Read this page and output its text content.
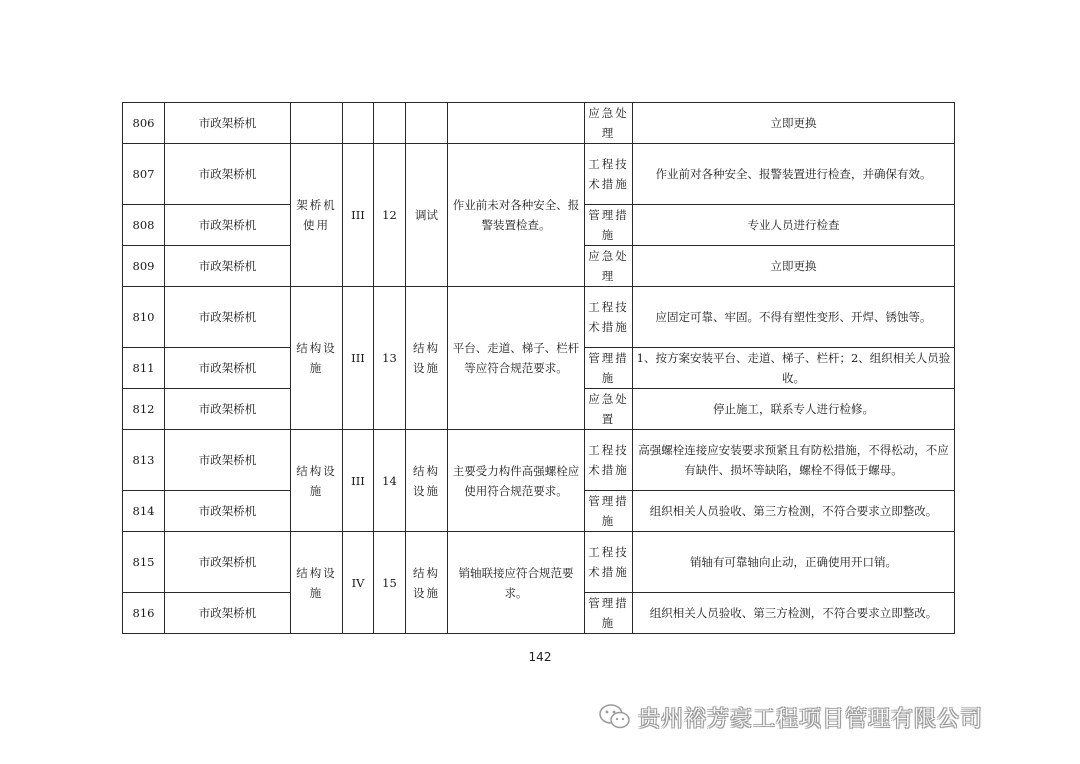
806	市政架桥机						应急处理	立即更换
807	市政架桥机	架桥机使用	III	12	调试	作业前未对各种安全、报警装置检查。	工程技术措施	作业前对各种安全、报警装置进行检查，并确保有效。
808	市政架桥机						管理措施	专业人员进行检查
809	市政架桥机						应急处理	立即更换
810	市政架桥机	结构设施	III	13	结构设施	平台、走道、梯子、栏杆等应符合规范要求。	工程技术措施	应固定可靠、牢固。不得有塑性变形、开焊、锈蚀等。
811	市政架桥机						管理措施	1、按方案安装平台、走道、梯子、栏杆；2、组织相关人员验收。
812	市政架桥机						应急处置	停止施工，联系专人进行检修。
813	市政架桥机	结构设施	III	14	结构设施	主要受力构件高强螺栓应使用符合规范要求。	工程技术措施	高强螺栓连接应安装要求预紧且有防松措施，不得松动，不应有缺件、损坏等缺陷，螺栓不得低于螺母。
814	市政架桥机						管理措施	组织相关人员验收、第三方检测，不符合要求立即整改。
815	市政架桥机	结构设施	IV	15	结构设施	销轴联接应符合规范要求。	工程技术措施	销轴有可靠轴向止动，正确使用开口销。
816	市政架桥机						管理措施	组织相关人员验收、第三方检测，不符合要求立即整改。
142
贵州裕芳豪工程项目管理有限公司
